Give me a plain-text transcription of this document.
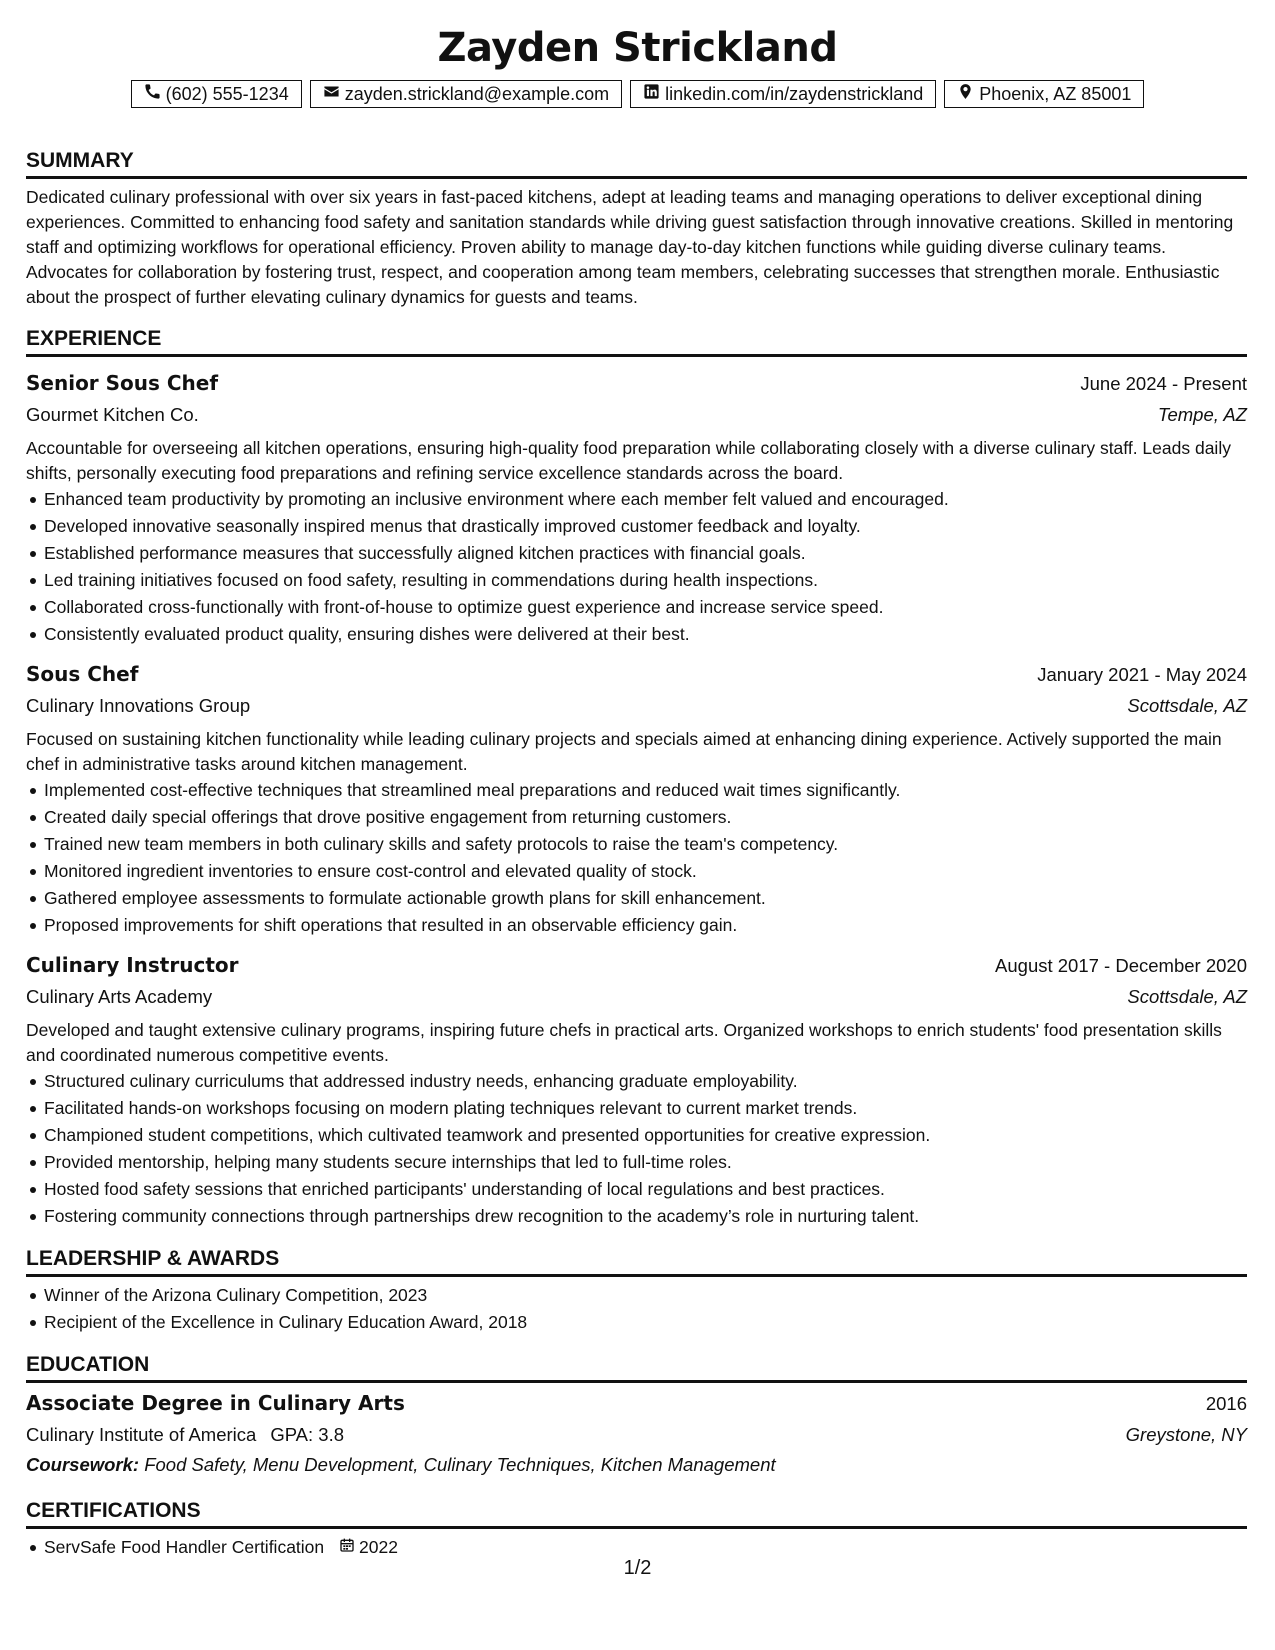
Zayden Strickland
(602) 555-1234	zayden.strickland@example.com	linkedin.com/in/zaydenstrickland	Phoenix, AZ 85001
SUMMARY

Dedicated culinary professional with over six years in fast-paced kitchens, adept at leading teams and managing operations to deliver exceptional dining experiences. Committed to enhancing food safety and sanitation standards while driving guest satisfaction through innovative creations. Skilled in mentoring staff and optimizing workflows for operational efficiency. Proven ability to manage day-to-day kitchen functions while guiding diverse culinary teams. Advocates for collaboration by fostering trust, respect, and cooperation among team members, celebrating successes that strengthen morale. Enthusiastic about the prospect of further elevating culinary dynamics for guests and teams.

EXPERIENCE
Senior Sous Chef	June 2024 - Present
Gourmet Kitchen Co.	Tempe, AZ

Accountable for overseeing all kitchen operations, ensuring high-quality food preparation while collaborating closely with a diverse culinary staff. Leads daily shifts, personally executing food preparations and refining service excellence standards across the board.

Enhanced team productivity by promoting an inclusive environment where each member felt valued and encouraged.
Developed innovative seasonally inspired menus that drastically improved customer feedback and loyalty.
Established performance measures that successfully aligned kitchen practices with financial goals.
Led training initiatives focused on food safety, resulting in commendations during health inspections.
Collaborated cross-functionally with front-of-house to optimize guest experience and increase service speed.
Consistently evaluated product quality, ensuring dishes were delivered at their best.
Sous Chef	January 2021 - May 2024
Culinary Innovations Group	Scottsdale, AZ

Focused on sustaining kitchen functionality while leading culinary projects and specials aimed at enhancing dining experience. Actively supported the main chef in administrative tasks around kitchen management.

Implemented cost-effective techniques that streamlined meal preparations and reduced wait times significantly.
Created daily special offerings that drove positive engagement from returning customers.
Trained new team members in both culinary skills and safety protocols to raise the team's competency.
Monitored ingredient inventories to ensure cost-control and elevated quality of stock.
Gathered employee assessments to formulate actionable growth plans for skill enhancement.
Proposed improvements for shift operations that resulted in an observable efficiency gain.
Culinary Instructor	August 2017 - December 2020
Culinary Arts Academy	Scottsdale, AZ

Developed and taught extensive culinary programs, inspiring future chefs in practical arts. Organized workshops to enrich students' food presentation skills and coordinated numerous competitive events.

Structured culinary curriculums that addressed industry needs, enhancing graduate employability.
Facilitated hands-on workshops focusing on modern plating techniques relevant to current market trends.
Championed student competitions, which cultivated teamwork and presented opportunities for creative expression.
Provided mentorship, helping many students secure internships that led to full-time roles.
Hosted food safety sessions that enriched participants' understanding of local regulations and best practices.
Fostering community connections through partnerships drew recognition to the academy’s role in nurturing talent.
LEADERSHIP & AWARDS
Winner of the Arizona Culinary Competition, 2023
Recipient of the Excellence in Culinary Education Award, 2018
EDUCATION
Associate Degree in Culinary Arts	2016
Culinary Institute of America GPA: 3.8	Greystone, NY
Coursework: Food Safety, Menu Development, Culinary Techniques, Kitchen Management
CERTIFICATIONS
ServSafe Food Handler Certification 2022
1/2
